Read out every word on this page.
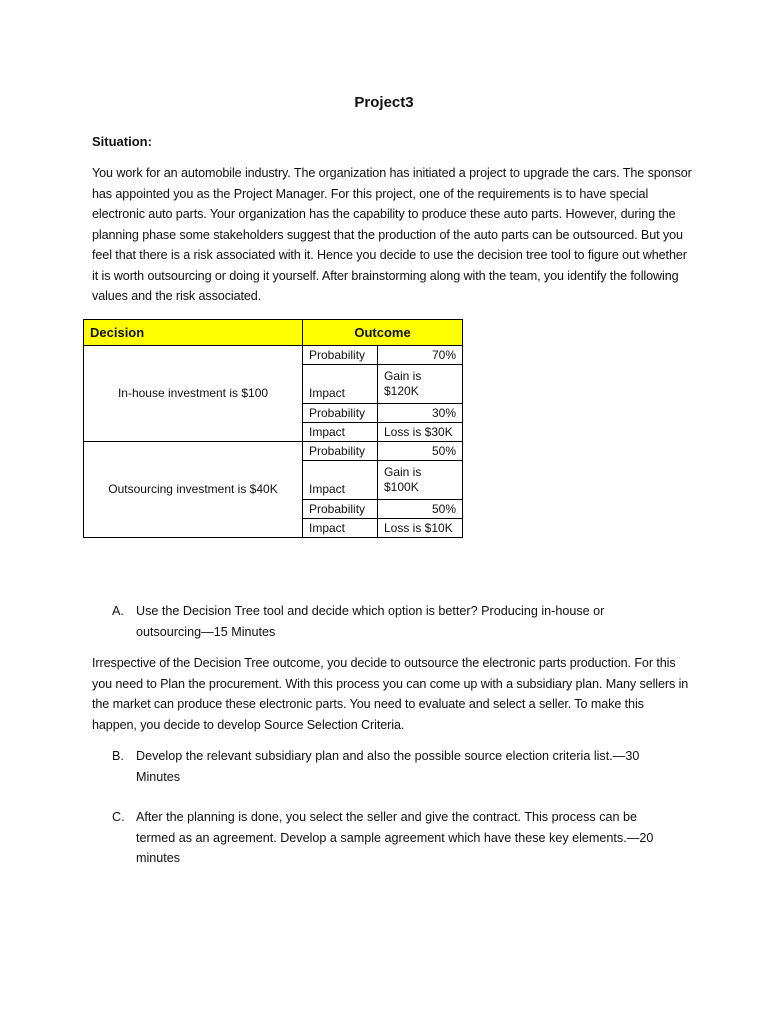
Project3
Situation:
You work for an automobile industry. The organization has initiated a project to upgrade the cars. The sponsor has appointed you as the Project Manager. For this project, one of the requirements is to have special electronic auto parts. Your organization has the capability to produce these auto parts. However, during the planning phase some stakeholders suggest that the production of the auto parts can be outsourced. But you feel that there is a risk associated with it. Hence you decide to use the decision tree tool to figure out whether it is worth outsourcing or doing it yourself. After brainstorming along with the team, you identify the following values and the risk associated.
Decision	Outcome	
In-house investment is $100	Probability	70%
	Impact	Gain is $120K
	Probability	30%
	Impact	Loss is $30K
Outsourcing investment is $40K	Probability	50%
	Impact	Gain is $100K
	Probability	50%
	Impact	Loss is $10K
A. Use the Decision Tree tool and decide which option is better? Producing in-house or outsourcing—15 Minutes
Irrespective of the Decision Tree outcome, you decide to outsource the electronic parts production. For this you need to Plan the procurement. With this process you can come up with a subsidiary plan. Many sellers in the market can produce these electronic parts. You need to evaluate and select a seller. To make this happen, you decide to develop Source Selection Criteria.
B. Develop the relevant subsidiary plan and also the possible source election criteria list.—30 Minutes
C. After the planning is done, you select the seller and give the contract. This process can be termed as an agreement. Develop a sample agreement which have these key elements.—20 minutes
